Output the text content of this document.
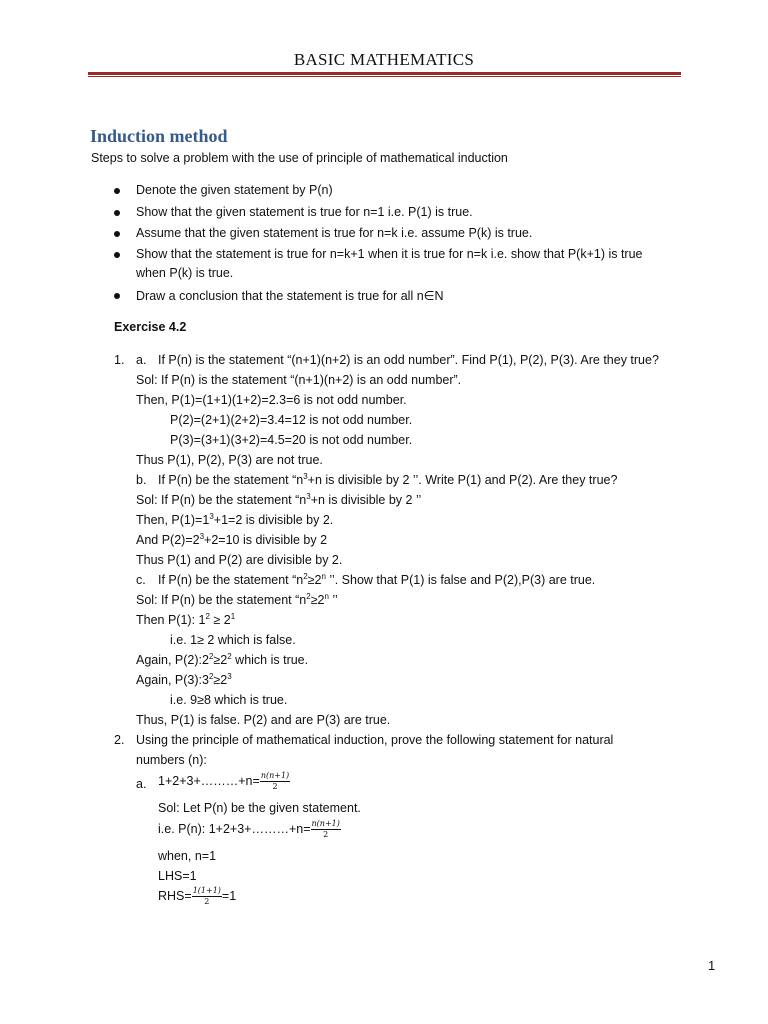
BASIC MATHEMATICS
Induction method
Steps to solve a problem with the use of principle of mathematical induction
Denote the given statement by P(n)
Show that the given statement is true for n=1 i.e. P(1) is true.
Assume that the given statement is true for n=k i.e. assume P(k) is true.
Show that the statement is true for n=k+1 when it is true for n=k i.e. show that P(k+1) is true
when P(k) is true.
Draw a conclusion that the statement is true for all n∈N
Exercise 4.2
1. a. If P(n) is the statement “(n+1)(n+2) is an odd number”. Find P(1), P(2), P(3). Are they true?
Sol: If P(n) is the statement “(n+1)(n+2) is an odd number”.
Then, P(1)=(1+1)(1+2)=2.3=6 is not odd number.
P(2)=(2+1)(2+2)=3.4=12 is not odd number.
P(3)=(3+1)(3+2)=4.5=20 is not odd number.
Thus P(1), P(2), P(3) are not true.
b. If P(n) be the statement “$n^3+n$ is divisible by 2 ’’. Write P(1) and P(2). Are they true?
Sol: If P(n) be the statement “$n^3+n$ is divisible by 2 ’’
Then, $P(1)=1^3+1=2$ is divisible by 2.
And $P(2)=2^3+2=10$ is divisible by 2
Thus P(1) and P(2) are divisible by 2.
c. If P(n) be the statement “$n^2\ge 2^n$ ’’. Show that P(1) is false and P(2),P(3) are true.
Sol: If P(n) be the statement “$n^2\ge 2^n$ ’’
Then P(1): $1^2 \ge 2^1$
i.e. 1≥ 2 which is false.
Again, $P(2):2^2\ge 2^2$ which is true.
Again, $P(3):3^2\ge 2^3$
i.e. 9≥8 which is true.
Thus, P(1) is false. P(2) and are P(3) are true.
2. Using the principle of mathematical induction, prove the following statement for natural
numbers (n):
a. 1+2+3+………+n= $\frac{n(n+1)}{2}$
Sol: Let P(n) be the given statement.
i.e. P(n): 1+2+3+………+n= $\frac{n(n+1)}{2}$
when, n=1
LHS=1
$RHS= \frac{1(1+1)}{2} =1$
1
